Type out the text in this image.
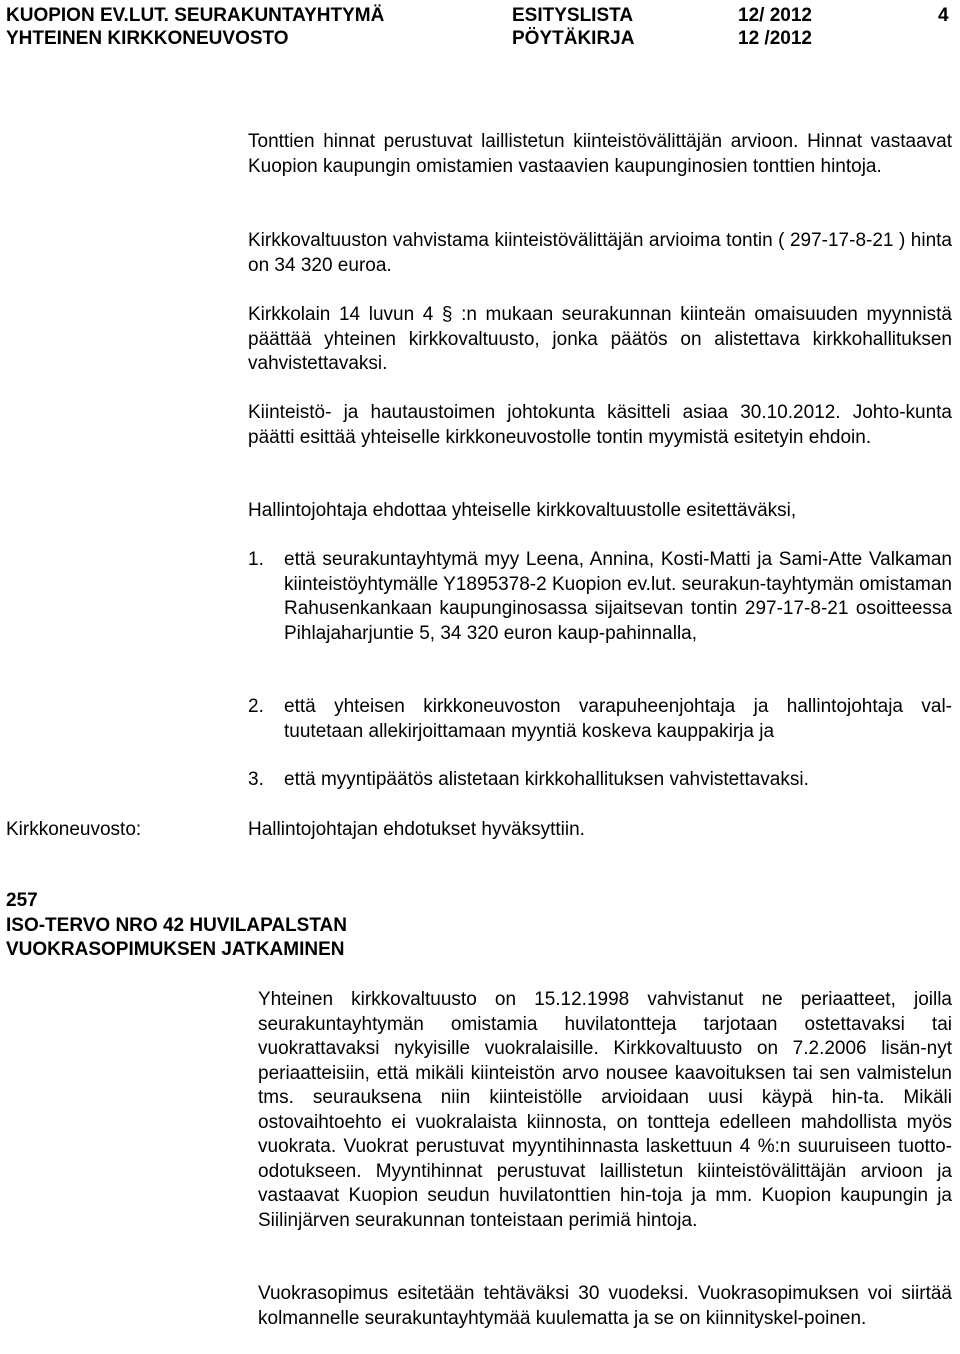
KUOPION EV.LUT. SEURAKUNTAYHTYMÄ
YHTEINEN KIRKKONEUVOSTO
ESITYSLISTA
PÖYTÄKIRJA
12/ 2012
12 /2012
4

Tonttien hinnat perustuvat laillistetun kiinteistövälittäjän arvioon. Hinnat vastaavat Kuopion kaupungin omistamien vastaavien kaupunginosien tonttien hintoja.

Kirkkovaltuuston vahvistama kiinteistövälittäjän arvioima tontin ( 297-17-8-21 ) hinta on 34 320 euroa.

Kirkkolain 14 luvun 4 § :n mukaan seurakunnan kiinteän omaisuuden myynnistä päättää yhteinen kirkkovaltuusto, jonka päätös on alistettava kirkkohallituksen vahvistettavaksi.

Kiinteistö- ja hautaustoimen johtokunta käsitteli asiaa 30.10.2012. Johto-kunta päätti esittää yhteiselle kirkkoneuvostolle tontin myymistä esitetyin ehdoin.

Hallintojohtaja ehdottaa yhteiselle kirkkovaltuustolle esitettäväksi,

1. että seurakuntayhtymä myy Leena, Annina, Kosti-Matti ja Sami-Atte Valkaman kiinteistöyhtymälle Y1895378-2 Kuopion ev.lut. seurakun-tayhtymän omistaman Rahusenkankaan kaupunginosassa sijaitsevan tontin 297-17-8-21 osoitteessa Pihlajaharjuntie 5, 34 320 euron kaup-pahinnalla,
2. että yhteisen kirkkoneuvoston varapuheenjohtaja ja hallintojohtaja val-tuutetaan allekirjoittamaan myyntiä koskeva kauppakirja ja
3. että myyntipäätös alistetaan kirkkohallituksen vahvistettavaksi.
Kirkkoneuvosto:	Hallintojohtajan ehdotukset hyväksyttiin.
257
ISO-TERVO NRO 42 HUVILAPALSTAN VUOKRASOPIMUKSEN JATKAMINEN

Yhteinen kirkkovaltuusto on 15.12.1998 vahvistanut ne periaatteet, joilla seurakuntayhtymän omistamia huvilatontteja tarjotaan ostettavaksi tai vuokrattavaksi nykyisille vuokralaisille. Kirkkovaltuusto on 7.2.2006 lisän-nyt periaatteisiin, että mikäli kiinteistön arvo nousee kaavoituksen tai sen valmistelun tms. seurauksena niin kiinteistölle arvioidaan uusi käypä hin-ta. Mikäli ostovaihtoehto ei vuokralaista kiinnosta, on tontteja edelleen mahdollista myös vuokrata. Vuokrat perustuvat myyntihinnasta laskettuun 4 %:n suuruiseen tuotto-odotukseen. Myyntihinnat perustuvat laillistetun kiinteistövälittäjän arvioon ja vastaavat Kuopion seudun huvilatonttien hin-toja ja mm. Kuopion kaupungin ja Siilinjärven seurakunnan tonteistaan perimiä hintoja.

Vuokrasopimus esitetään tehtäväksi 30 vuodeksi. Vuokrasopimuksen voi siirtää kolmannelle seurakuntayhtymää kuulematta ja se on kiinnityskel-poinen.
